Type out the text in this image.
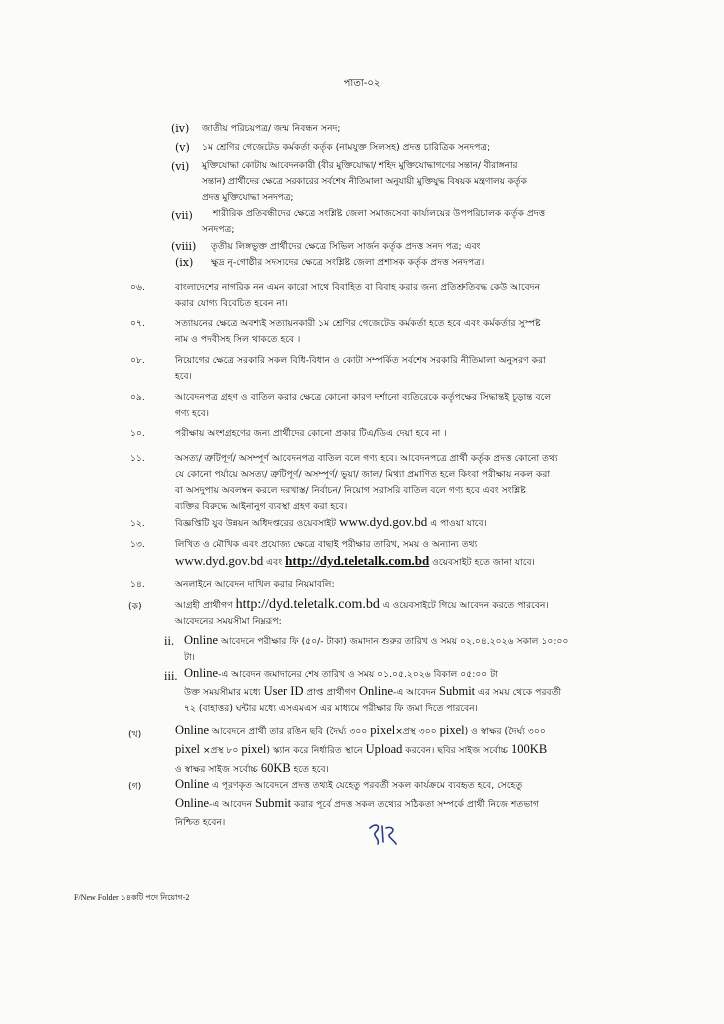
পাতা-০২
(iv) জাতীয় পরিচয়পত্র/ জন্ম নিবন্ধন সনদ;
(v) ১ম শ্রেণির গেজেটেড কর্মকর্তা কর্তৃক (নামযুক্ত সিলসহ) প্রদত্ত চারিত্রিক সনদপত্র;
(vi) মুক্তিযোদ্ধা কোটায় আবেদনকারী (বীর মুক্তিযোদ্ধা/ শহিদ মুক্তিযোদ্ধাগণের সন্তান/ বীরাঙ্গনার
সন্তান) প্রার্থীদের ক্ষেত্রে সরকারের সর্বশেষ নীতিমালা অনুযায়ী মুক্তিযুদ্ধ বিষয়ক মন্ত্রণালয় কর্তৃক
প্রদত্ত মুক্তিযোদ্ধা সনদপত্র;
(vii) শারীরিক প্রতিবন্ধীদের ক্ষেত্রে সংশ্লিষ্ট জেলা সমাজসেবা কার্যালয়ের উপপরিচালক কর্তৃক প্রদত্ত
সনদপত্র;
(viii) তৃতীয় লিঙ্গভুক্ত প্রার্থীদের ক্ষেত্রে সিভিল সার্জন কর্তৃক প্রদত্ত সনদ পত্র; এবং
(ix) ক্ষুদ্র নৃ-গোষ্ঠীর সদস্যদের ক্ষেত্রে সংশ্লিষ্ট জেলা প্রশাসক কর্তৃক প্রদত্ত সনদপত্র।
০৬.	বাংলাদেশের নাগরিক নন এমন কারো সাথে বিবাহিত বা বিবাহ করার জন্য প্রতিশ্রুতিবদ্ধ কেউ আবেদন
করার যোগ্য বিবেচিত হবেন না।
০৭.	সত্যায়নের ক্ষেত্রে অবশ্যই সত্যায়নকারী ১ম শ্রেণির গেজেটেড কর্মকর্তা হতে হবে এবং কর্মকর্তার সুস্পষ্ট
নাম ও পদবীসহ সিল থাকতে হবে ।
০৮.	নিয়োগের ক্ষেত্রে সরকারি সকল বিধি-বিধান ও কোটা সম্পর্কিত সর্বশেষ সরকারি নীতিমালা অনুসরণ করা
হবে।
০৯.	আবেদনপত্র গ্রহণ ও বাতিল করার ক্ষেত্রে কোনো কারণ দর্শানো ব্যতিরেকে কর্তৃপক্ষের সিদ্ধান্তই চূড়ান্ত বলে
গণ্য হবে।
১০.	পরীক্ষায় অংশগ্রহণের জন্য প্রার্থীদের কোনো প্রকার টিএ/ডিএ দেয়া হবে না ।
১১.	অসত্য/ ত্রুটিপূর্ণ/ অসম্পূর্ণ আবেদনপত্র বাতিল বলে গণ্য হবে। আবেদনপত্রে প্রার্থী কর্তৃক প্রদত্ত কোনো তথ্য
যে কোনো পর্যায়ে অসত্য/ ত্রুটিপূর্ণ/ অসম্পূর্ণ/ ভুয়া/ জাল/ মিথ্যা প্রমাণিত হলে কিংবা পরীক্ষায় নকল করা
বা অসদুপায় অবলম্বন করলে দরখাস্ত/ নির্বাচন/ নিয়োগ সরাসরি বাতিল বলে গণ্য হবে এবং সংশ্লিষ্ট
ব্যক্তির বিরুদ্ধে আইনানুগ ব্যবস্থা গ্রহণ করা হবে।
১২.	বিজ্ঞপ্তিটি যুব উন্নয়ন অধিদপ্তরের ওয়েবসাইট www.dyd.gov.bd এ পাওয়া যাবে।
১৩.	লিখিত ও মৌখিক এবং প্রযোজ্য ক্ষেত্রে বাছাই পরীক্ষার তারিখ, সময় ও অন্যান্য তথ্য
www.dyd.gov.bd এবং http://dyd.teletalk.com.bd ওয়েবসাইট হতে জানা যাবে।
১৪.	অনলাইনে আবেদন দাখিল করার নিয়মাবলি:
(ক)	আগ্রহী প্রার্থীগণ http://dyd.teletalk.com.bd এ ওয়েবসাইটে গিয়ে আবেদন করতে পারবেন।
আবেদনের সময়সীমা নিম্নরূপ:
ii. Online আবেদনে পরীক্ষার ফি (৫০/- টাকা) জমাদান শুরুর তারিখ ও সময় ০২.০৪.২০২৬ সকাল ১০:০০
টা।
iii. Online-এ আবেদন জমাদানের শেষ তারিখ ও সময় ০১.০৫.২০২৬ বিকাল ০৫:০০ টা
উক্ত সময়সীমার মধ্যে User ID প্রাপ্ত প্রার্থীগণ Online-এ আবেদন Submit এর সময় থেকে পরবর্তী
৭২ (বাহাত্তর) ঘন্টার মধ্যে এসএমএস এর মাধ্যমে পরীক্ষার ফি জমা দিতে পারবেন।
(খ)	Online আবেদনে প্রার্থী তার রঙিন ছবি (দৈর্ঘ্য ৩০০ pixel×প্রস্থ ৩০০ pixel) ও স্বাক্ষর (দৈর্ঘ্য ৩০০
pixel ×প্রস্থ ৮০ pixel) স্ক্যান করে নির্ধারিত স্থানে Upload করবেন। ছবির সাইজ সর্বোচ্চ 100KB
ও স্বাক্ষর সাইজ সর্বোচ্চ 60KB হতে হবে।
(গ)	Online এ পূরণকৃত আবেদনে প্রদত্ত তথ্যই যেহেতু পরবর্তী সকল কার্যক্রমে ব্যবহৃত হবে, সেহেতু
Online-এ আবেদন Submit করার পূর্বে প্রদত্ত সকল তথ্যের সঠিকতা সম্পর্কে প্রার্থী নিজে শতভাগ
নিশ্চিত হবেন।
F/New Folder ১৪কটি পদে নিয়োগ-2
